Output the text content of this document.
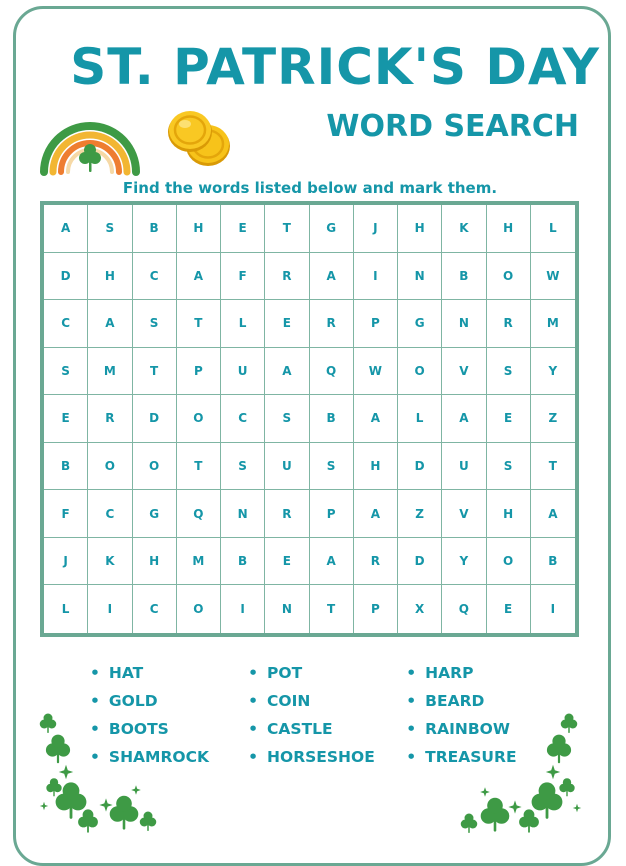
ST. PATRICK'S DAY
WORD SEARCH

Find the words listed below and mark them.

A	S	B	H	E	T	G	J	H	K	H	L
D	H	C	A	F	R	A	I	N	B	O	W
C	A	S	T	L	E	R	P	G	N	R	M
S	M	T	P	U	A	Q	W	O	V	S	Y
E	R	D	O	C	S	B	A	L	A	E	Z
B	O	O	T	S	U	S	H	D	U	S	T
F	C	G	Q	N	R	P	A	Z	V	H	A
J	K	H	M	B	E	A	R	D	Y	O	B
L	I	C	O	I	N	T	P	X	Q	E	I
• HAT
• GOLD
• BOOTS
• SHAMROCK
• POT
• COIN
• CASTLE
• HORSESHOE
• HARP
• BEARD
• RAINBOW
• TREASURE
